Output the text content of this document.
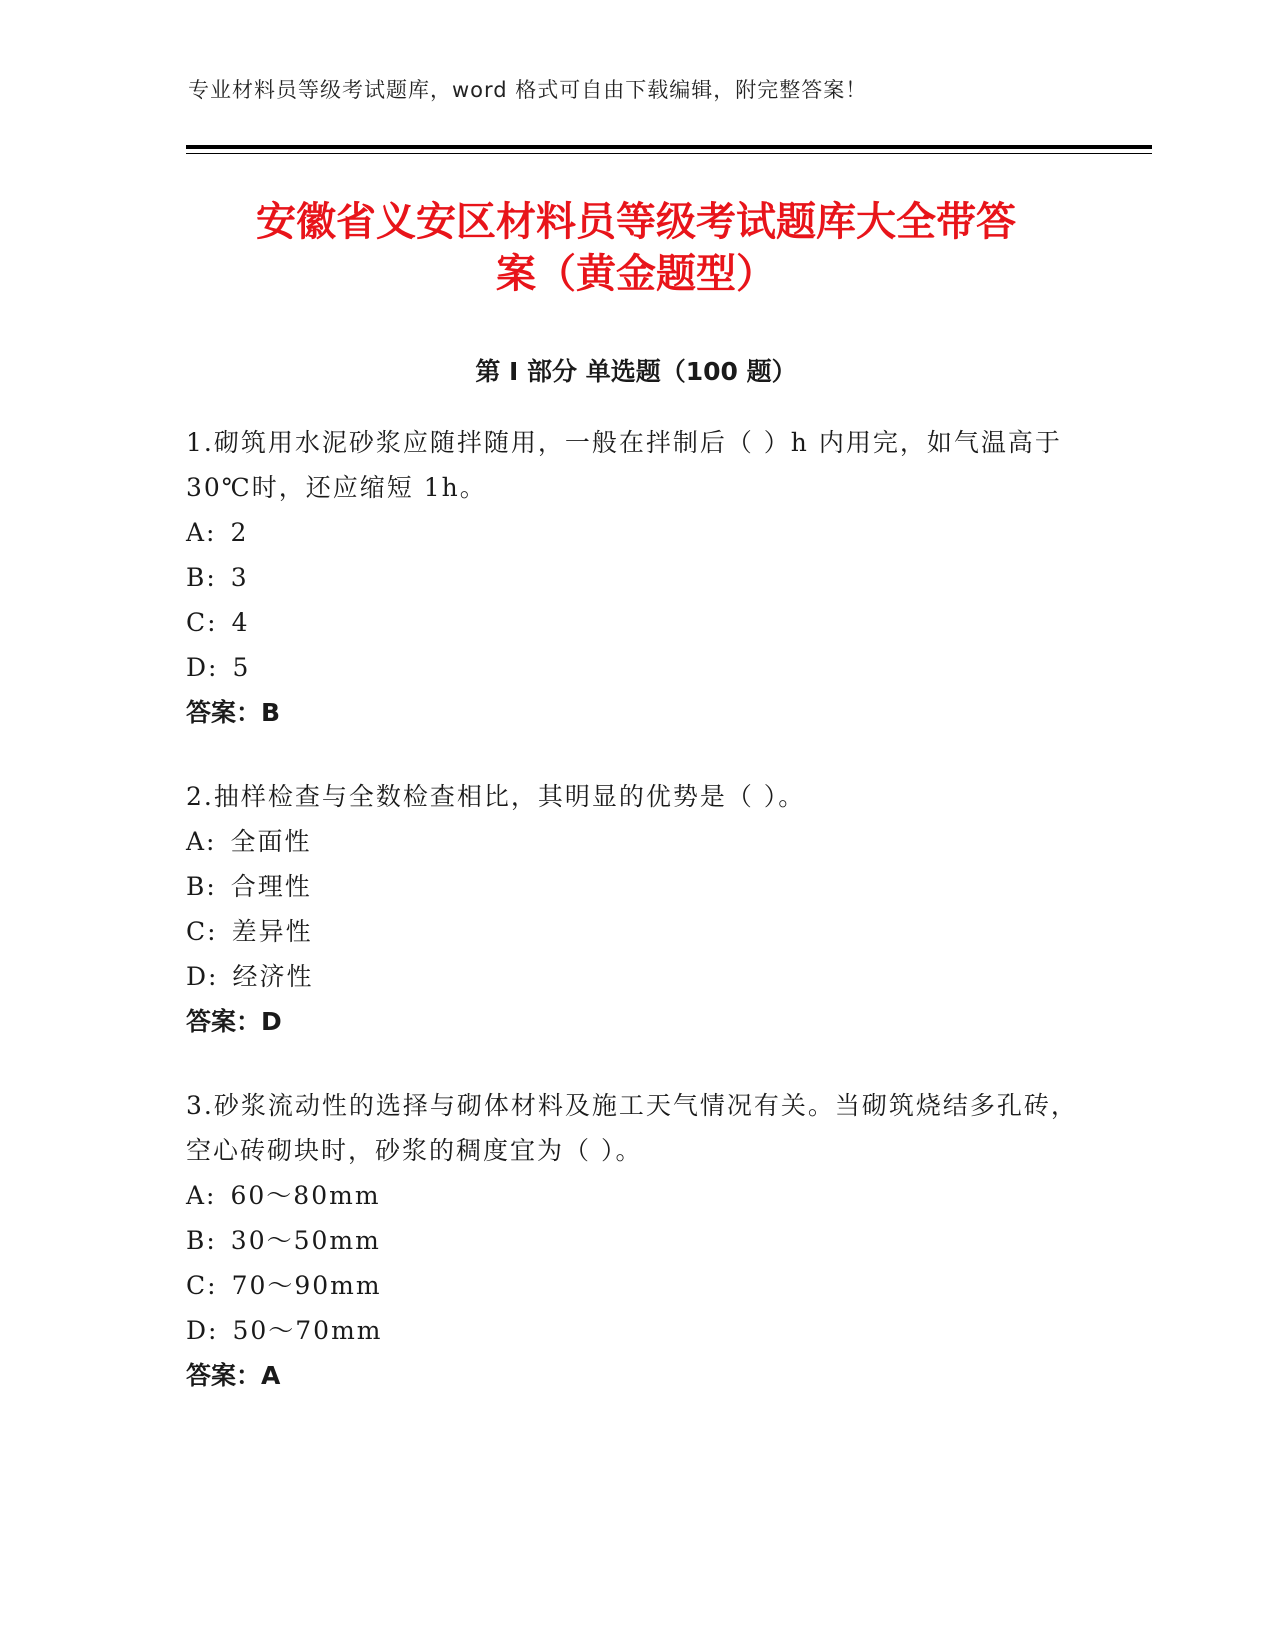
专业材料员等级考试题库，word 格式可自由下载编辑，附完整答案！
安徽省义安区材料员等级考试题库大全带答
案（黄金题型）
第 I 部分 单选题（100 题）
1.砌筑用水泥砂浆应随拌随用，一般在拌制后（ ）h 内用完，如气温高于 30℃时，还应缩短 1h。
A: 2
B: 3
C: 4
D: 5
答案：B
2.抽样检查与全数检查相比，其明显的优势是（ ）。
A: 全面性
B: 合理性
C: 差异性
D: 经济性
答案：D
3.砂浆流动性的选择与砌体材料及施工天气情况有关。当砌筑烧结多孔砖，空心砖砌块时，砂浆的稠度宜为（ ）。
A: 60～80mm
B: 30～50mm
C: 70～90mm
D: 50～70mm
答案：A
